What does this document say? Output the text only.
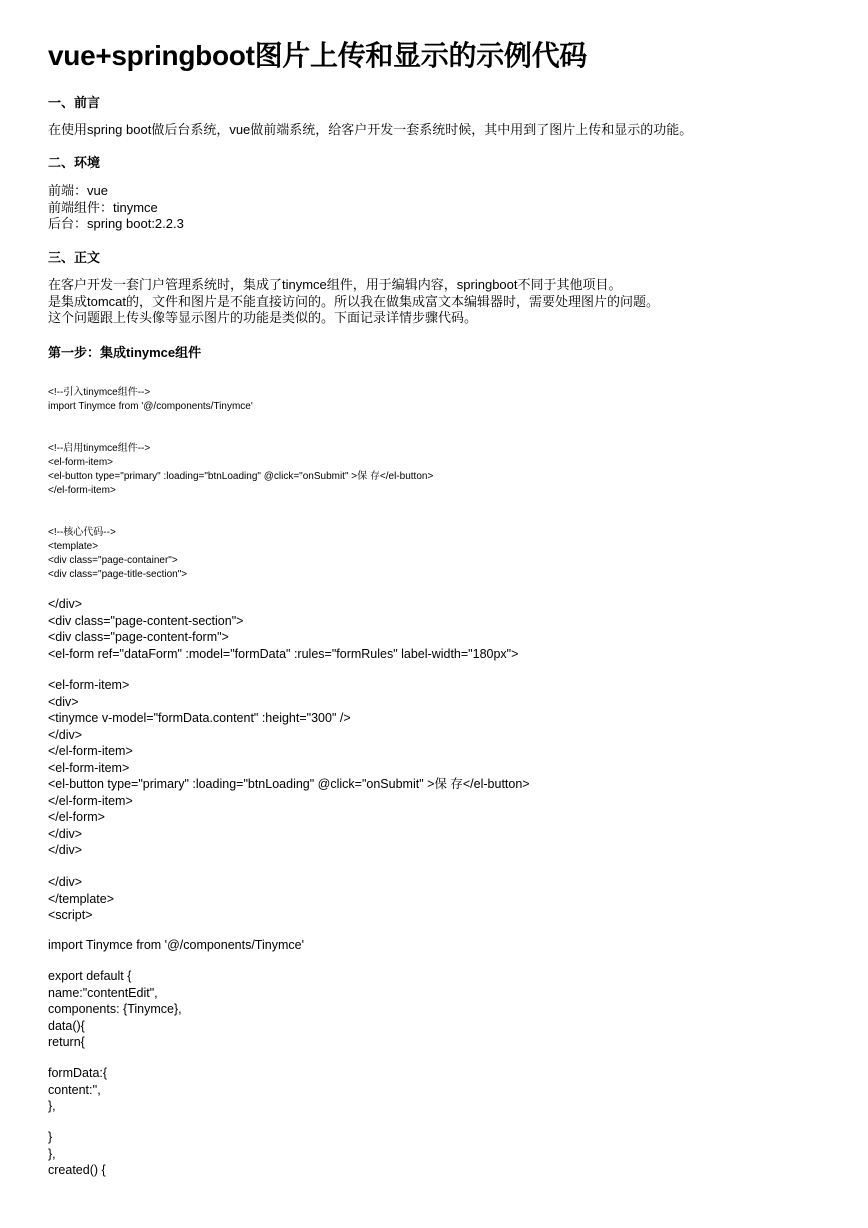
vue+springboot图片上传和显示的示例代码
一、前言
在使用spring boot做后台系统，vue做前端系统，给客户开发一套系统时候，其中用到了图片上传和显示的功能。
二、环境
前端：vue
前端组件：tinymce
后台：spring boot:2.2.3
三、正文
在客户开发一套门户管理系统时，集成了tinymce组件，用于编辑内容，springboot不同于其他项目。
是集成tomcat的，文件和图片是不能直接访问的。所以我在做集成富文本编辑器时，需要处理图片的问题。
这个问题跟上传头像等显示图片的功能是类似的。下面记录详情步骤代码。
第一步：集成tinymce组件
<!--引入tinymce组件-->
import Tinymce from '@/components/Tinymce'
<!--启用tinymce组件-->
<el-form-item>
<el-button type="primary" :loading="btnLoading" @click="onSubmit" >保 存</el-button>
</el-form-item>
<!--核心代码-->
<template>
<div class="page-container">
<div class="page-title-section">
</div>
<div class="page-content-section">
<div class="page-content-form">
<el-form ref="dataForm" :model="formData" :rules="formRules" label-width="180px">
<el-form-item>
<div>
<tinymce v-model="formData.content" :height="300" />
</div>
</el-form-item>
<el-form-item>
<el-button type="primary" :loading="btnLoading" @click="onSubmit" >保 存</el-button>
</el-form-item>
</el-form>
</div>
</div>
</div>
</template>
<script>
import Tinymce from '@/components/Tinymce'
export default {
name:"contentEdit",
components: {Tinymce},
data(){
return{
formData:{
content:'',
},
}
},
created() {
